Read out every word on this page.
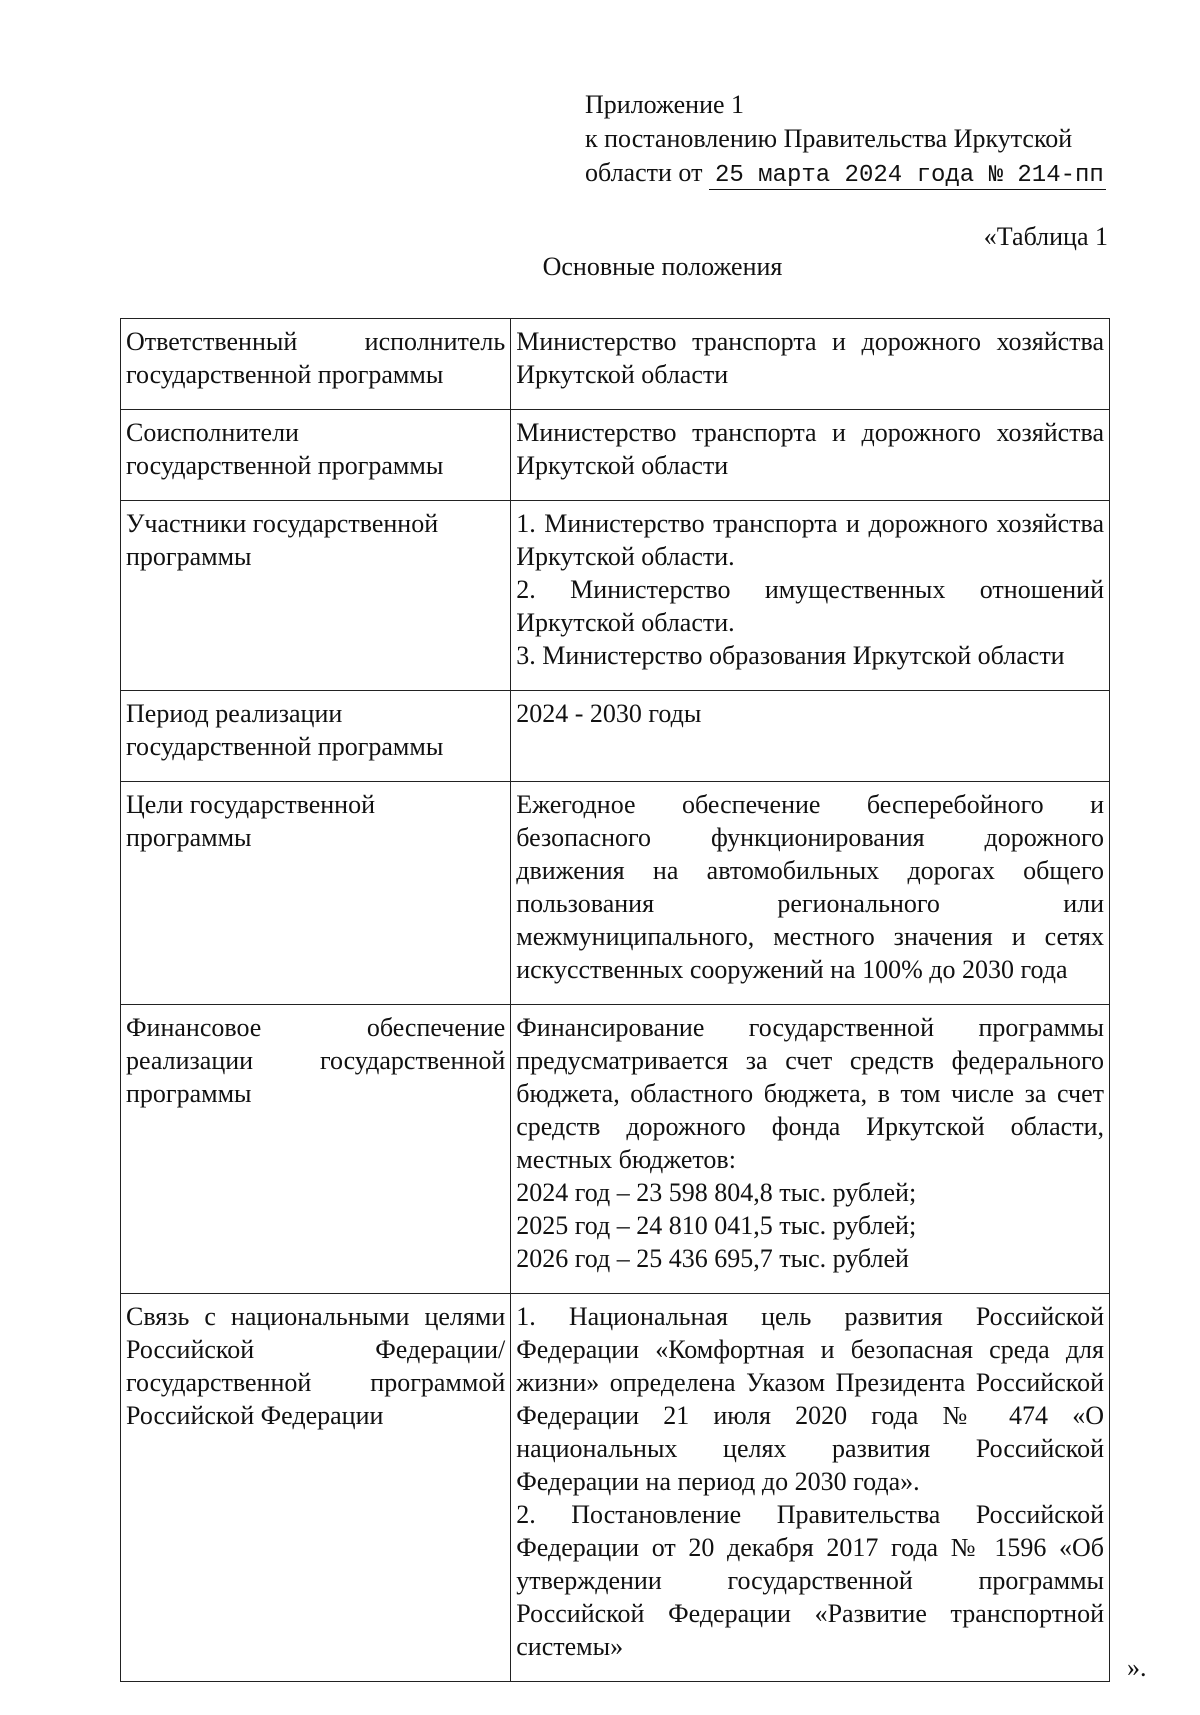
Приложение 1
к постановлению Правительства Иркутской
области от 25 марта 2024 года № 214-пп
«Таблица 1
Основные положения
Ответственный исполнитель государственной программы	Министерство транспорта и дорожного хозяйства Иркутской области
Соисполнители государственной программы	Министерство транспорта и дорожного хозяйства Иркутской области
Участники государственной программы	1. Министерство транспорта и дорожного хозяйства Иркутской области.
2. Министерство имущественных отношений Иркутской области.
3. Министерство образования Иркутской области

Период реализации государственной программы	2024 - 2030 годы
Цели государственной программы	Ежегодное обеспечение бесперебойного и безопасного функционирования дорожного движения на автомобильных дорогах общего пользования регионального или межмуниципального, местного значения и сетях искусственных сооружений на 100% до 2030 года
Финансовое обеспечение реализации государственной программы	Финансирование государственной программы предусматривается за счет средств федерального бюджета, областного бюджета, в том числе за счет средств дорожного фонда Иркутской области, местных бюджетов:
2024 год – 23 598 804,8 тыс. рублей;
2025 год – 24 810 041,5 тыс. рублей;
2026 год – 25 436 695,7 тыс. рублей

Связь с национальными целями Российской Федерации/государственной программой Российской Федерации	1. Национальная цель развития Российской Федерации «Комфортная и безопасная среда для жизни» определена Указом Президента Российской Федерации 21 июля 2020 года № 474 «О национальных целях развития Российской Федерации на период до 2030 года».
2. Постановление Правительства Российской Федерации от 20 декабря 2017 года № 1596 «Об утверждении государственной программы Российской Федерации «Развитие транспортной системы»
».
